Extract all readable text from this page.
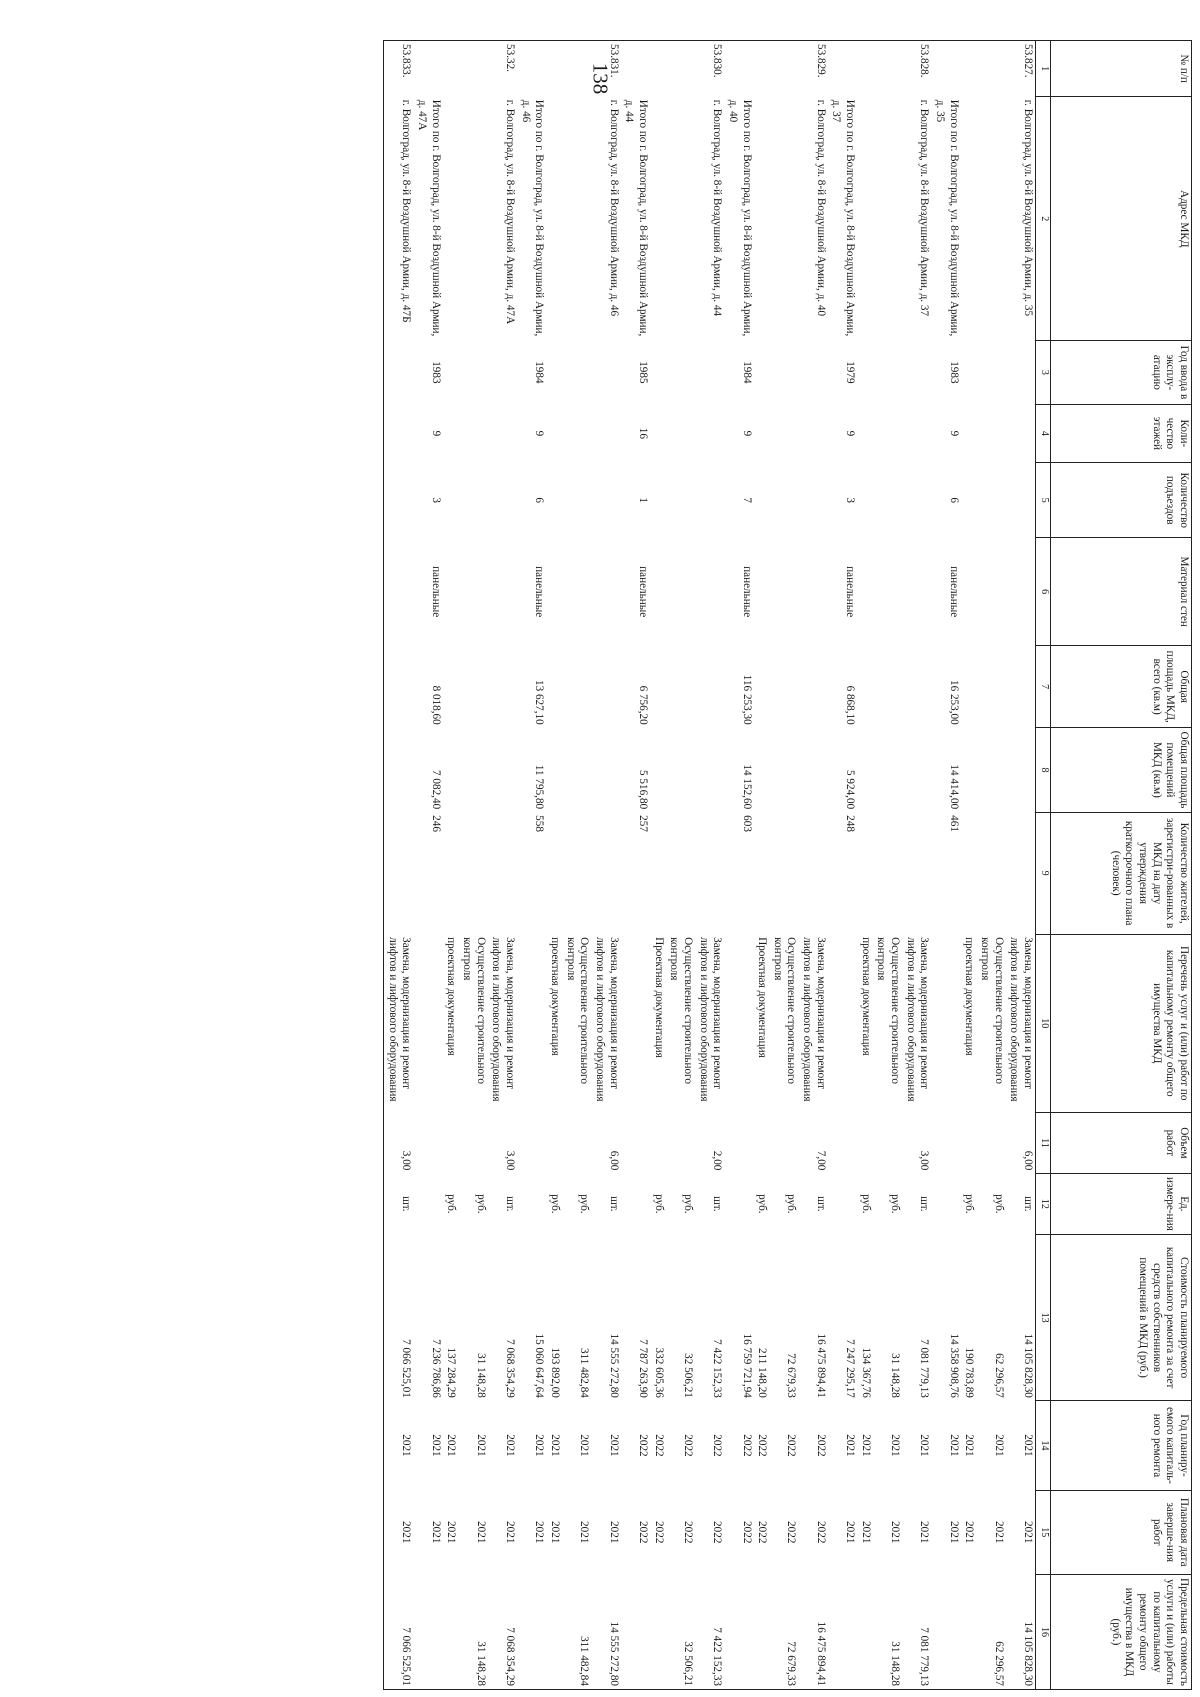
138	№ п/п	Адрес МКД	Год ввода в эксплу-атацию	Коли-чество этажей	Количество подъездов	Материал стен	Общая площадь МКД, всего (кв.м)	Общая площадь помещений МКД (кв.м)	Количество жителей, зарегистри-рованных в МКД на дату утверждения краткосрочного плана (человек)	Перечень услуг и (или) работ по капитальному ремонту общего имущества МКД	Объем работ	Ед. измере-ния	Стоимость планируемого капитального ремонта за счет средств собственников помещений в МКД (руб.)	Год планиру-емого капиталь-ного ремонта	Плановая дата заверше-ния работ	Предельная стоимость услуги и (или) работы по капитальному ремонту общего имущества в МКД (руб.)
1	2	3	4	5	6	7	8	9	10	11	12	13	14	15	16
53.827.	г. Волгоград, ул. 8-й Воздушной Армии, д. 35								Замена, модернизация и ремонт лифтов и лифтового оборудования	6,00	шт.	14 105 828,30	2021	2021	14 105 828,30
									Осуществление строительного контроля		руб.	62 296,57	2021	2021	62 296,57
									проектная документация		руб.	190 783,89	2021	2021	
	Итого по г. Волгоград, ул. 8-й Воздушной Армии, д. 35	1983	9	6	панельные	16 253,00	14 414,00	461				14 358 908,76	2021	2021	
53.828.	г. Волгоград, ул. 8-й Воздушной Армии, д. 37								Замена, модернизация и ремонт лифтов и лифтового оборудования	3,00	шт.	7 081 779,13	2021	2021	7 081 779,13
									Осуществление строительного контроля		руб.	31 148,28	2021	2021	31 148,28
									проектная документация		руб.	134 367,76	2021	2021	
	Итого по г. Волгоград, ул. 8-й Воздушной Армии, д. 37	1979	9	3	панельные	6 868,10	5 924,00	248				7 247 295,17	2021	2021	
53.829.	г. Волгоград, ул. 8-й Воздушной Армии, д. 40								Замена, модернизация и ремонт лифтов и лифтового оборудования	7,00	шт.	16 475 894,41	2022	2022	16 475 894,41
									Осуществление строительного контроля		руб.	72 679,33	2022	2022	72 679,33
									Проектная документация		руб.	211 148,20	2022	2022	
	Итого по г. Волгоград, ул. 8-й Воздушной Армии, д. 40	1984	9	7	панельные	116 253,30	14 152,60	603				16 759 721,94	2022	2022	
53.830.	г. Волгоград, ул. 8-й Воздушной Армии, д. 44								Замена, модернизация и ремонт лифтов и лифтового оборудования	2,00	шт.	7 422 152,33	2022	2022	7 422 152,33
									Осуществление строительного контроля		руб.	32 506,21	2022	2022	32 506,21
									Проектная документация		руб.	332 605,36	2022	2022	
	Итого по г. Волгоград, ул. 8-й Воздушной Армии, д. 44	1985	16	1	панельные	6 756,20	5 516,80	257				7 787 263,90	2022	2022	
53.831.	г. Волгоград, ул. 8-й Воздушной Армии, д. 46								Замена, модернизация и ремонт лифтов и лифтового оборудования	6,00	шт.	14 555 272,80	2021	2021	14 555 272,80
									Осуществление строительного контроля		руб.	311 482,84	2021	2021	311 482,84
									проектная документация		руб.	193 892,00	2021	2021	
	Итого по г. Волгоград, ул. 8-й Воздушной Армии, д. 46	1984	9	6	панельные	13 627,10	11 795,80	558				15 060 647,64	2021	2021	
53.32.	г. Волгоград, ул. 8-й Воздушной Армии, д. 47А								Замена, модернизация и ремонт лифтов и лифтового оборудования	3,00	шт.	7 068 354,29	2021	2021	7 068 354,29
									Осуществление строительного контроля		руб.	31 148,28	2021	2021	31 148,28
									проектная документация		руб.	137 284,29	2021	2021	
	Итого по г. Волгоград, ул. 8-й Воздушной Армии, д. 47А	1983	9	3	панельные	8 018,60	7 082,40	246				7 236 786,86	2021	2021	
53.833.	г. Волгоград, ул. 8-й Воздушной Армии, д. 47Б								Замена, модернизация и ремонт лифтов и лифтового оборудования	3,00	шт.	7 066 525,01	2021	2021	7 066 525,01
